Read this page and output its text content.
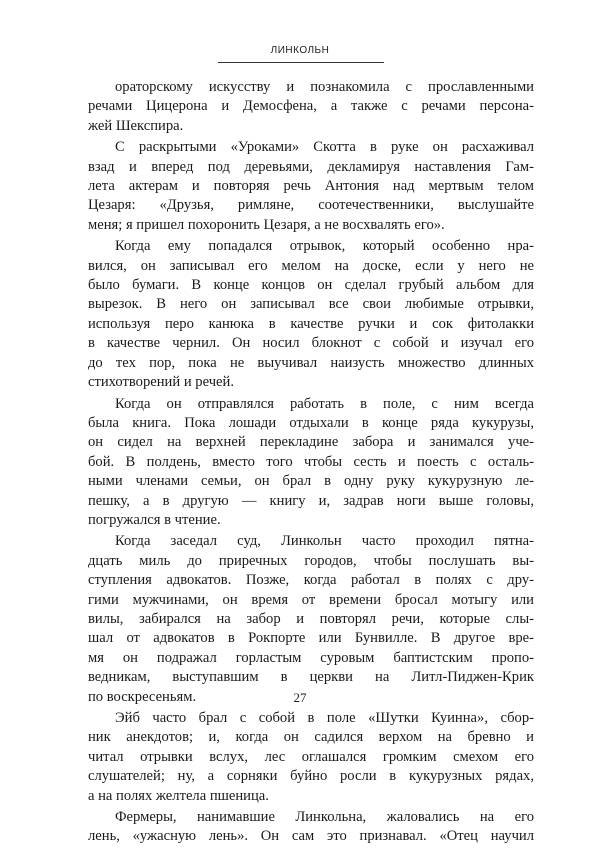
ЛИНКОЛЬН

ораторскому искусству и познакомила с прославленными
речами Цицерона и Демосфена, а также с речами персона-
жей Шекспира.

С раскрытыми «Уроками» Скотта в руке он расхаживал
взад и вперед под деревьями, декламируя наставления Гам-
лета актерам и повторяя речь Антония над мертвым телом
Цезаря: «Друзья, римляне, соотечественники, выслушайте
меня; я пришел похоронить Цезаря, а не восхвалять его».

Когда ему попадался отрывок, который особенно нра-
вился, он записывал его мелом на доске, если у него не
было бумаги. В конце концов он сделал грубый альбом для
вырезок. В него он записывал все свои любимые отрывки,
используя перо канюка в качестве ручки и сок фитолакки
в качестве чернил. Он носил блокнот с собой и изучал его
до тех пор, пока не выучивал наизусть множество длинных
стихотворений и речей.

Когда он отправлялся работать в поле, с ним всегда
была книга. Пока лошади отдыхали в конце ряда кукурузы,
он сидел на верхней перекладине забора и занимался уче-
бой. В полдень, вместо того чтобы сесть и поесть с осталь-
ными членами семьи, он брал в одну руку кукурузную ле-
пешку, а в другую — книгу и, задрав ноги выше головы,
погружался в чтение.

Когда заседал суд, Линкольн часто проходил пятна-
дцать миль до приречных городов, чтобы послушать вы-
ступления адвокатов. Позже, когда работал в полях с дру-
гими мужчинами, он время от времени бросал мотыгу или
вилы, забирался на забор и повторял речи, которые слы-
шал от адвокатов в Рокпорте или Бунвилле. В другое вре-
мя он подражал горластым суровым баптистским пропо-
ведникам, выступавшим в церкви на Литл-Пиджен-Крик
по воскресеньям.

Эйб часто брал с собой в поле «Шутки Куинна», сбор-
ник анекдотов; и, когда он садился верхом на бревно и
читал отрывки вслух, лес оглашался громким смехом его
слушателей; ну, а сорняки буйно росли в кукурузных рядах,
а на полях желтела пшеница.

Фермеры, нанимавшие Линкольна, жаловались на его
лень, «ужасную лень». Он сам это признавал. «Отец научил

27
